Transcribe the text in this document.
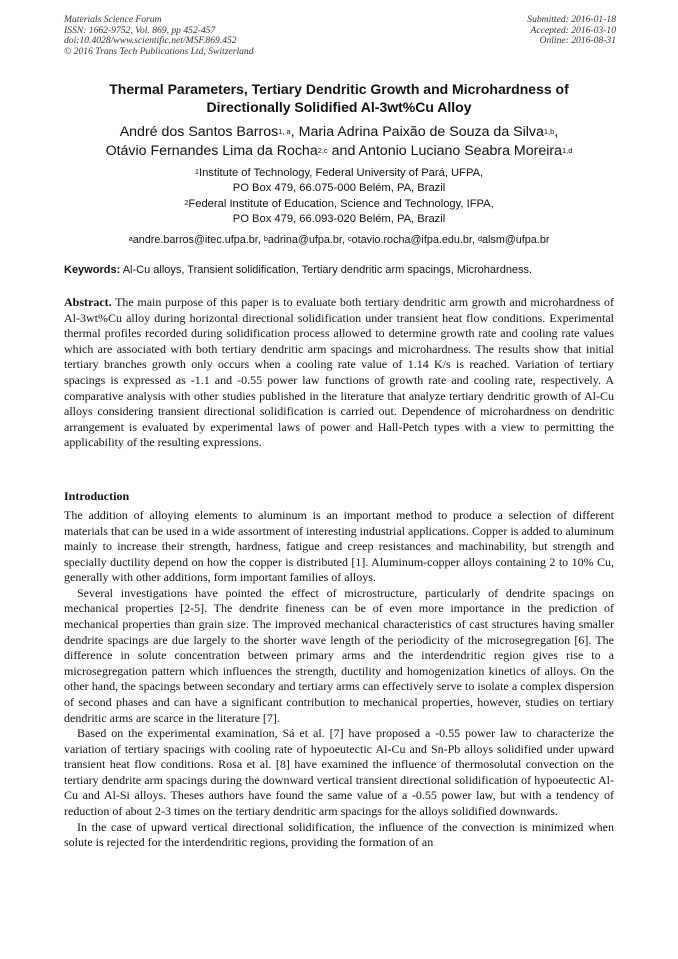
Materials Science Forum
ISSN: 1662-9752, Vol. 869, pp 452-457
doi:10.4028/www.scientific.net/MSF.869.452
© 2016 Trans Tech Publications Ltd, Switzerland
Submitted: 2016-01-18
Accepted: 2016-03-10
Online: 2016-08-31
Thermal Parameters, Tertiary Dendritic Growth and Microhardness of
Directionally Solidified Al-3wt%Cu Alloy
André dos Santos Barros$^{1, a}$, Maria Adrina Paixão de Souza da Silva$^{1,b}$,
Otávio Fernandes Lima da Rocha$^{2,c}$ and Antonio Luciano Seabra Moreira$^{1,d}$
$^1$Institute of Technology, Federal University of Pará, UFPA,
PO Box 479, 66.075-000 Belém, PA, Brazil
$^2$Federal Institute of Education, Science and Technology, IFPA,
PO Box 479, 66.093-020 Belém, PA, Brazil
$^a$andre.barros@itec.ufpa.br, $^b$adrina@ufpa.br, $^c$otavio.rocha@ifpa.edu.br, $^d$alsm@ufpa.br
Keywords: Al-Cu alloys, Transient solidification, Tertiary dendritic arm spacings, Microhardness.
Abstract. The main purpose of this paper is to evaluate both tertiary dendritic arm growth and microhardness of Al-3wt%Cu alloy during horizontal directional solidification under transient heat flow conditions. Experimental thermal profiles recorded during solidification process allowed to determine growth rate and cooling rate values which are associated with both tertiary dendritic arm spacings and microhardness. The results show that initial tertiary branches growth only occurs when a cooling rate value of 1.14 K/s is reached. Variation of tertiary spacings is expressed as -1.1 and -0.55 power law functions of growth rate and cooling rate, respectively. A comparative analysis with other studies published in the literature that analyze tertiary dendritic growth of Al-Cu alloys considering transient directional solidification is carried out. Dependence of microhardness on dendritic arrangement is evaluated by experimental laws of power and Hall-Petch types with a view to permitting the applicability of the resulting expressions.
Introduction

The addition of alloying elements to aluminum is an important method to produce a selection of different materials that can be used in a wide assortment of interesting industrial applications. Copper is added to aluminum mainly to increase their strength, hardness, fatigue and creep resistances and machinability, but strength and specially ductility depend on how the copper is distributed [1]. Aluminum-copper alloys containing 2 to 10% Cu, generally with other additions, form important families of alloys.

Several investigations have pointed the effect of microstructure, particularly of dendrite spacings on mechanical properties [2-5]. The dendrite fineness can be of even more importance in the prediction of mechanical properties than grain size. The improved mechanical characteristics of cast structures having smaller dendrite spacings are due largely to the shorter wave length of the periodicity of the microsegregation [6]. The difference in solute concentration between primary arms and the interdendritic region gives rise to a microsegregation pattern which influences the strength, ductility and homogenization kinetics of alloys. On the other hand, the spacings between secondary and tertiary arms can effectively serve to isolate a complex dispersion of second phases and can have a significant contribution to mechanical properties, however, studies on tertiary dendritic arms are scarce in the literature [7].

Based on the experimental examination, Sá et al. [7] have proposed a -0.55 power law to characterize the variation of tertiary spacings with cooling rate of hypoeutectic Al-Cu and Sn-Pb alloys solidified under upward transient heat flow conditions. Rosa et al. [8] have examined the influence of thermosolutal convection on the tertiary dendrite arm spacings during the downward vertical transient directional solidification of hypoeutectic Al-Cu and Al-Si alloys. Theses authors have found the same value of a -0.55 power law, but with a tendency of reduction of about 2-3 times on the tertiary dendritic arm spacings for the alloys solidified downwards.

In the case of upward vertical directional solidification, the influence of the convection is minimized when solute is rejected for the interdendritic regions, providing the formation of an
